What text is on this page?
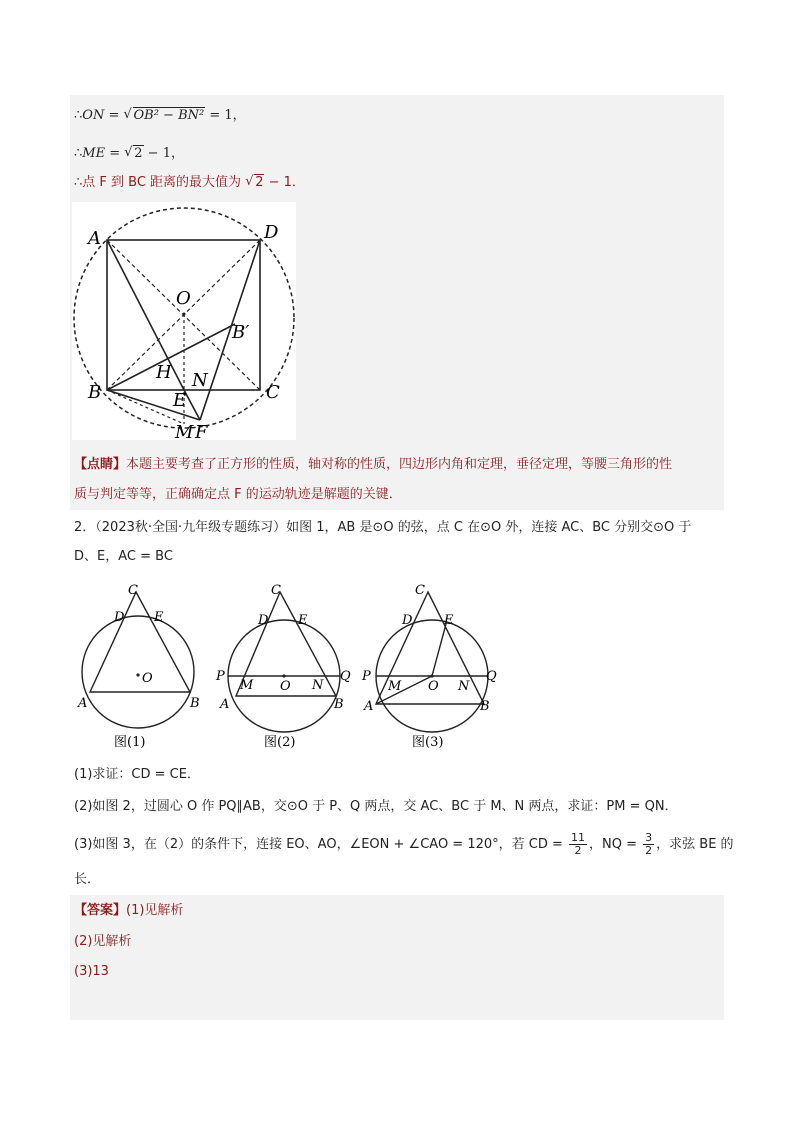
∴ON = √ OB² − BN² = 1，
∴ME = √ 2 − 1，
∴点 F 到 BC 距离的最大值为 √ 2 − 1．
A	D
O
B′
H N
B	C
E
M F
【点睛】本题主要考查了正方形的性质，轴对称的性质，四边形内角和定理，垂径定理，等腰三角形的性
质与判定等等，正确确定点 F 的运动轨迹是解题的关键．
2．（2023秋·全国·九年级专题练习）如图 1，AB 是⊙O 的弦，点 C 在⊙O 外，连接 AC、BC 分别交⊙O 于
D、E，AC = BC
C
D E
O
A	B
图(1)
C
D E
P
M O N
Q
A	B
图(2)
C
D E
P
M O N
Q
A	B
图(3)
(1)求证：CD = CE．
(2)如图 2，过圆心 O 作 PQ∥AB，交⊙O 于 P、Q 两点，交 AC、BC 于 M、N 两点，求证：PM = QN．
(3)如图 3，在（2）的条件下，连接 EO、AO，∠EON + ∠CAO = 120°，若 CD = $\frac{11}{2}$ ，NQ = $\frac{3}{2}$ ，求弦 BE 的
长．
【答案】(1)见解析
(2)见解析
(3)13
